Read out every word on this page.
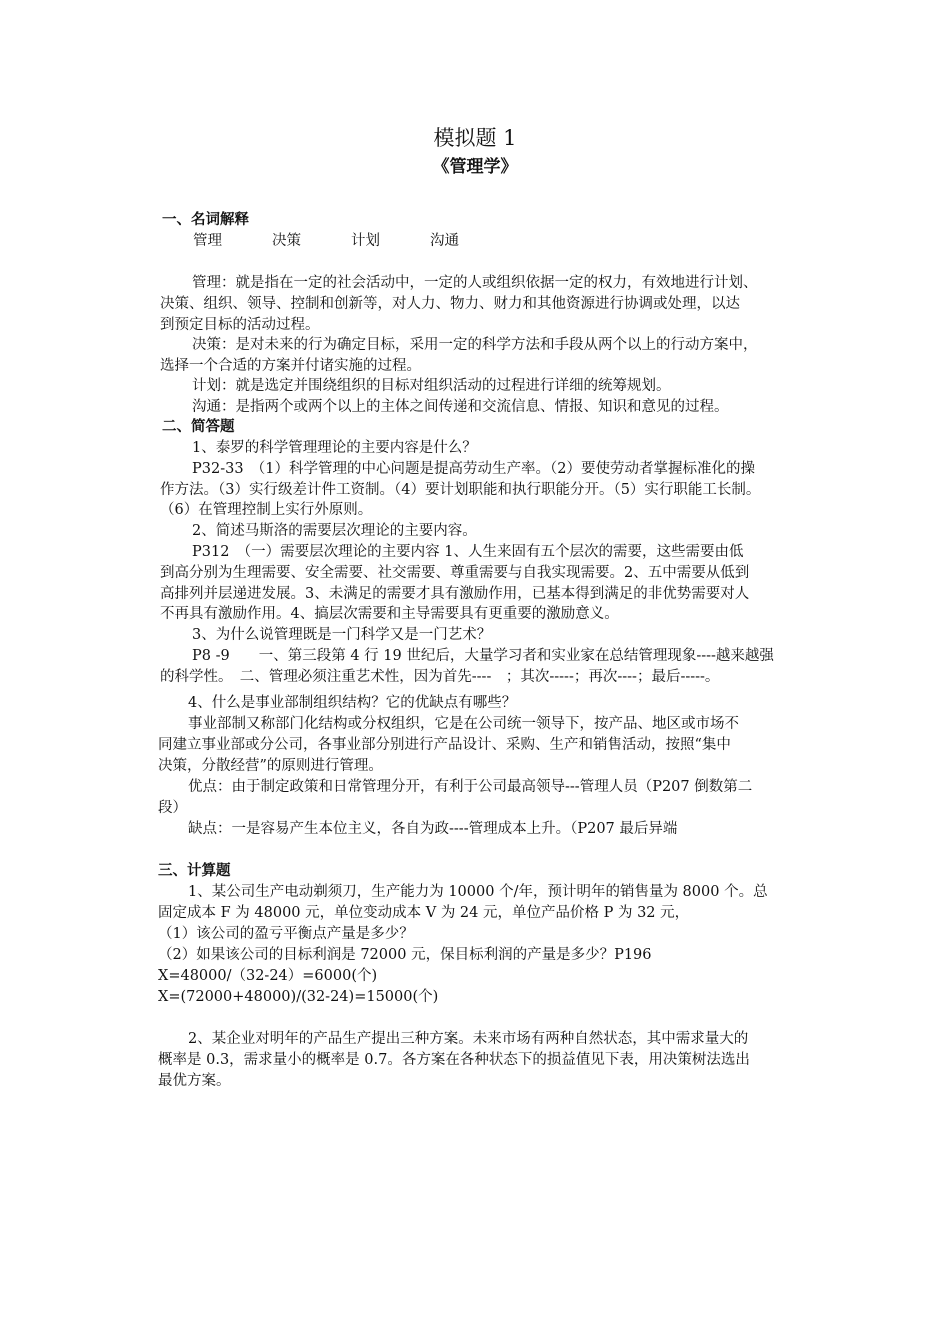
模拟题 1
《管理学》
一、名词解释
管理	决策	计划	沟通
管理：就是指在一定的社会活动中，一定的人或组织依据一定的权力，有效地进行计划、
决策、组织、领导、控制和创新等，对人力、物力、财力和其他资源进行协调或处理，以达
到预定目标的活动过程。
决策：是对未来的行为确定目标，采用一定的科学方法和手段从两个以上的行动方案中，
选择一个合适的方案并付诸实施的过程。
计划：就是选定并围绕组织的目标对组织活动的过程进行详细的统筹规划。
沟通：是指两个或两个以上的主体之间传递和交流信息、情报、知识和意见的过程。
二、简答题
1、泰罗的科学管理理论的主要内容是什么？
P32-33　（1）科学管理的中心问题是提高劳动生产率。（2）要使劳动者掌握标准化的操
作方法。（3）实行级差计件工资制。（4）要计划职能和执行职能分开。（5）实行职能工长制。
（6）在管理控制上实行外原则。
2、简述马斯洛的需要层次理论的主要内容。
P312　（一）需要层次理论的主要内容 1、人生来固有五个层次的需要，这些需要由低
到高分别为生理需要、安全需要、社交需要、尊重需要与自我实现需要。2、五中需要从低到
高排列并层递进发展。3、未满足的需要才具有激励作用，已基本得到满足的非优势需要对人
不再具有激励作用。4、搞层次需要和主导需要具有更重要的激励意义。
3、为什么说管理既是一门科学又是一门艺术？
P8 -9　　一、第三段第 4 行 19 世纪后，大量学习者和实业家在总结管理现象----越来越强
的科学性。　二、管理必须注重艺术性，因为首先----　；其次-----；再次----；最后-----。
4、什么是事业部制组织结构？它的优缺点有哪些？
事业部制又称部门化结构或分权组织，它是在公司统一领导下，按产品、地区或市场不
同建立事业部或分公司，各事业部分别进行产品设计、采购、生产和销售活动，按照“集中
决策，分散经营”的原则进行管理。
优点：由于制定政策和日常管理分开，有利于公司最高领导---管理人员（P207 倒数第二
段）
缺点：一是容易产生本位主义，各自为政----管理成本上升。（P207 最后异端
三、计算题
1、某公司生产电动剃须刀，生产能力为 10000 个/年，预计明年的销售量为 8000 个。总
固定成本 F 为 48000 元，单位变动成本 V 为 24 元，单位产品价格 P 为 32 元，
（1）该公司的盈亏平衡点产量是多少？
（2）如果该公司的目标利润是 72000 元，保目标利润的产量是多少？P196
X=48000/（32-24）=6000(个)
X=(72000+48000)/(32-24)=15000(个)
2、某企业对明年的产品生产提出三种方案。未来市场有两种自然状态，其中需求量大的
概率是 0.3，需求量小的概率是 0.7。各方案在各种状态下的损益值见下表，用决策树法选出
最优方案。
